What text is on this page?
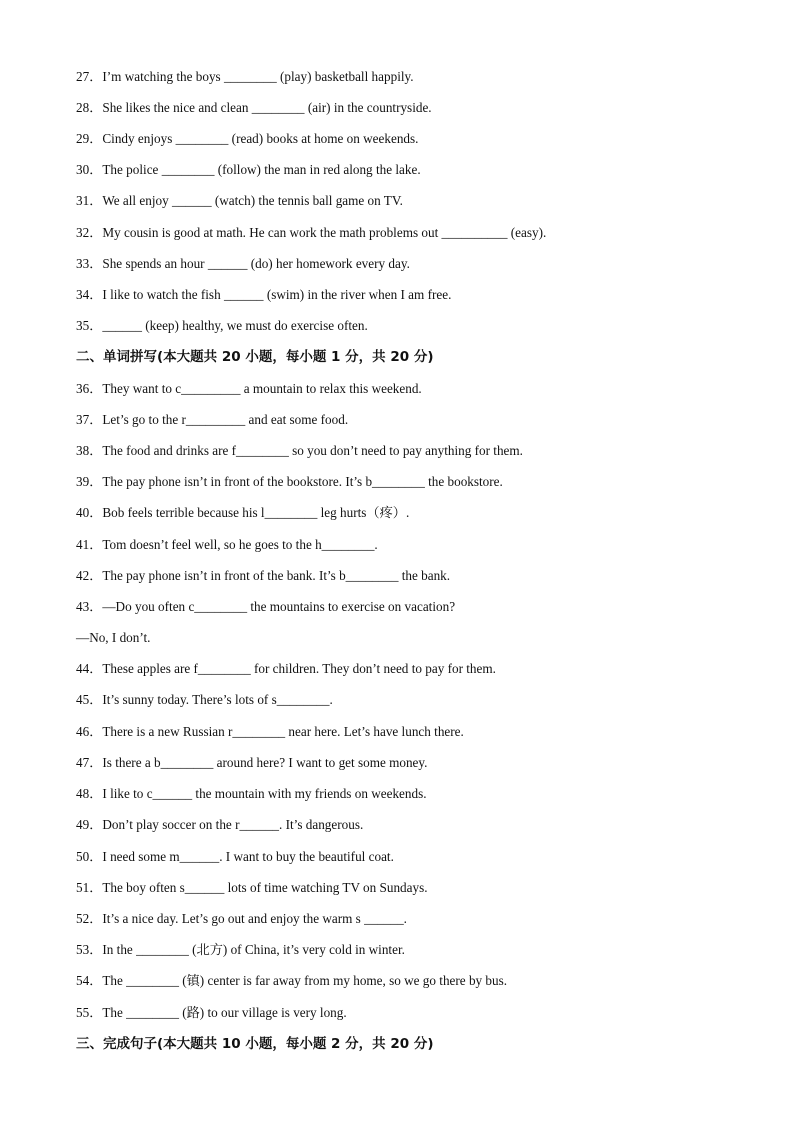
27．I’m watching the boys ________ (play) basketball happily.
28．She likes the nice and clean ________ (air) in the countryside.
29．Cindy enjoys ________ (read) books at home on weekends.
30．The police ________ (follow) the man in red along the lake.
31．We all enjoy ______ (watch) the tennis ball game on TV.
32．My cousin is good at math. He can work the math problems out __________ (easy).
33．She spends an hour ______ (do) her homework every day.
34．I like to watch the fish ______ (swim) in the river when I am free.
35．______ (keep) healthy, we must do exercise often.
二、单词拼写(本大题共 20 小题，每小题 1 分，共 20 分)
36．They want to c_________ a mountain to relax this weekend.
37．Let’s go to the r_________ and eat some food.
38．The food and drinks are f________ so you don’t need to pay anything for them.
39．The pay phone isn’t in front of the bookstore. It’s b________ the bookstore.
40．Bob feels terrible because his l________ leg hurts（疼）.
41．Tom doesn’t feel well, so he goes to the h________.
42．The pay phone isn’t in front of the bank. It’s b________ the bank.
43．—Do you often c________ the mountains to exercise on vacation?
—No, I don’t.
44．These apples are f________ for children. They don’t need to pay for them.
45．It’s sunny today. There’s lots of s________.
46．There is a new Russian r________ near here. Let’s have lunch there.
47．Is there a b________ around here? I want to get some money.
48．I like to c______ the mountain with my friends on weekends.
49．Don’t play soccer on the r______. It’s dangerous.
50．I need some m______. I want to buy the beautiful coat.
51．The boy often s______ lots of time watching TV on Sundays.
52．It’s a nice day. Let’s go out and enjoy the warm s ______.
53．In the ________ (北方) of China, it’s very cold in winter.
54．The ________ (镇) center is far away from my home, so we go there by bus.
55．The ________ (路) to our village is very long.
三、完成句子(本大题共 10 小题，每小题 2 分，共 20 分)
